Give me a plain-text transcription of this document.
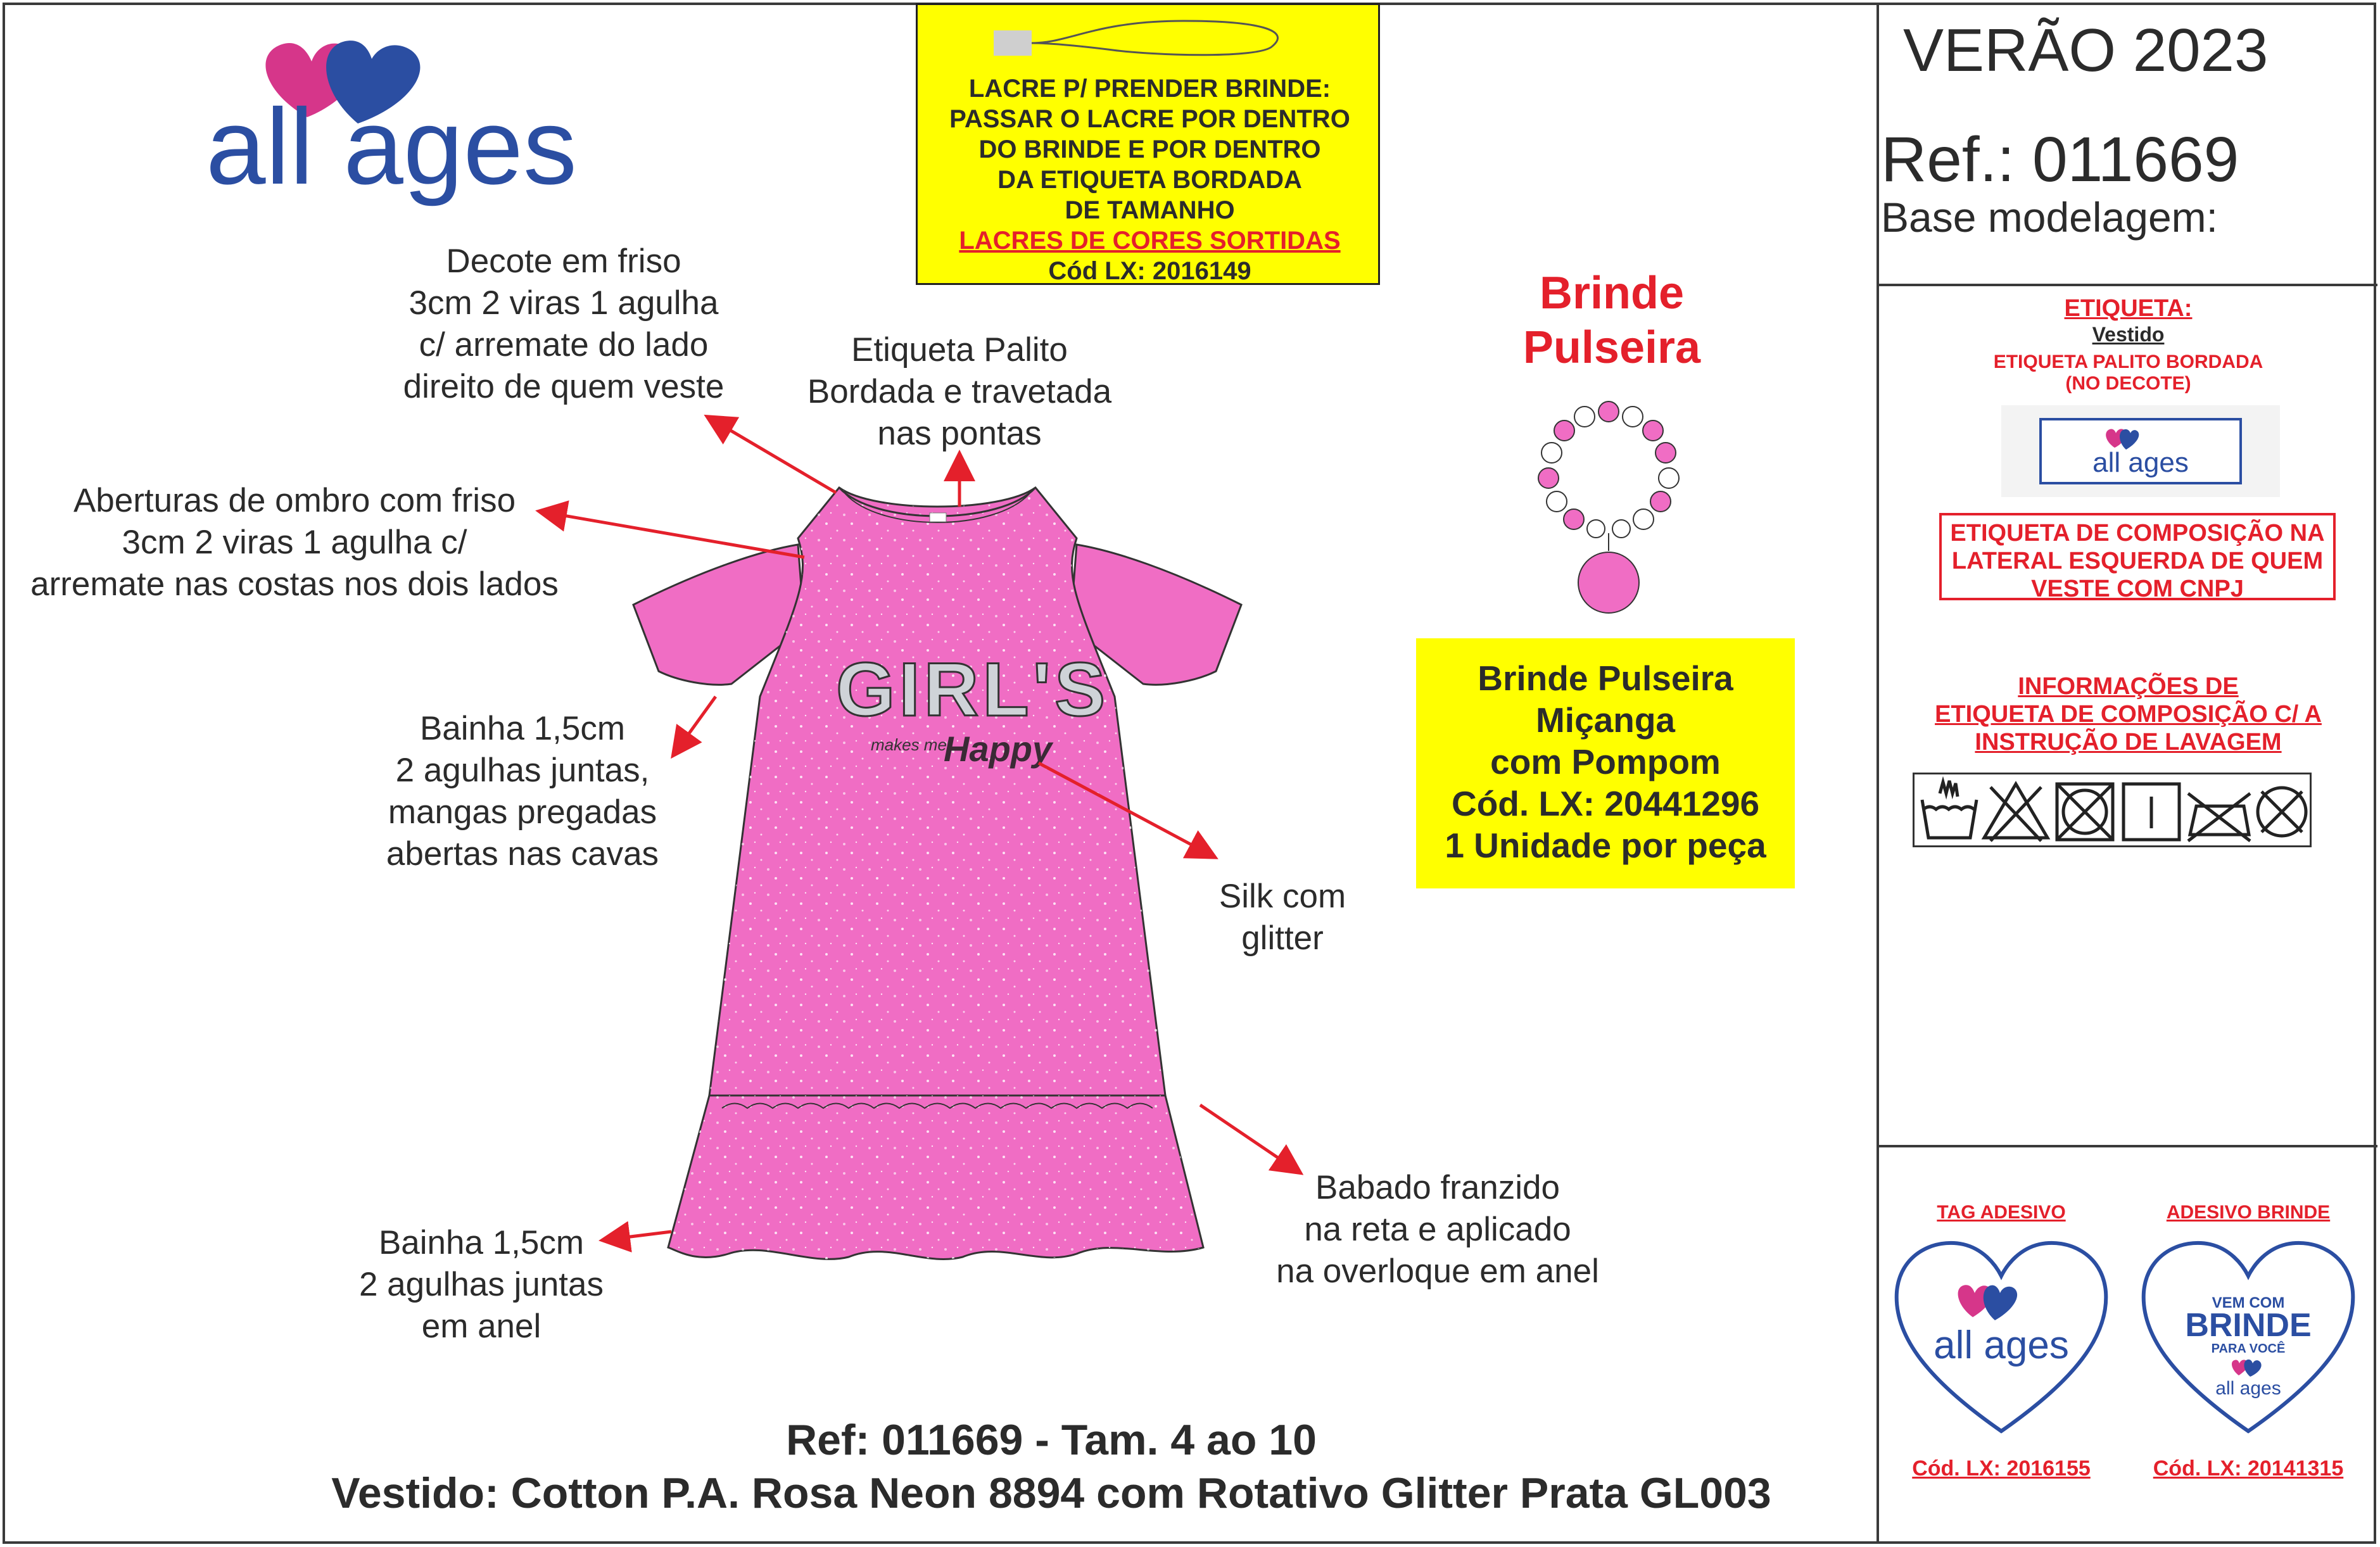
all ages	LACRE P/ PRENDER BRINDE:
PASSAR O LACRE POR DENTRO
DO BRINDE E POR DENTRO
DA ETIQUETA BORDADA
DE TAMANHO
LACRES DE CORES SORTIDAS
Cód LX: 2016149
GIRL'S
makes me
Happy
Decote em friso
3cm 2 viras 1 agulha
c/ arremate do lado
direito de quem veste
Etiqueta Palito
Bordada e travetada
nas pontas
Aberturas de ombro com friso
3cm 2 viras 1 agulha c/
arremate nas costas nos dois lados
Bainha 1,5cm
2 agulhas juntas,
mangas pregadas
abertas nas cavas
Silk com
glitter
Babado franzido
na reta e aplicado
na overloque em anel
Bainha 1,5cm
2 agulhas juntas
em anel
Brinde
Pulseira
Brinde Pulseira
Miçanga
com Pompom
Cód. LX: 20441296
1 Unidade por peça
Ref: 011669 - Tam. 4 ao 10
Vestido: Cotton P.A. Rosa Neon 8894 com Rotativo Glitter Prata GL003
VERÃO 2023
Ref.: 011669
Base modelagem:
ETIQUETA:
Vestido
ETIQUETA PALITO BORDADA
(NO DECOTE)
all ages
ETIQUETA DE COMPOSIÇÃO NA
LATERAL ESQUERDA DE QUEM
VESTE COM CNPJ
INFORMAÇÕES DE
ETIQUETA DE COMPOSIÇÃO C/ A
INSTRUÇÃO DE LAVAGEM
TAG ADESIVO
all ages
Cód. LX: 2016155
ADESIVO BRINDE
VEM COM
BRINDE
PARA VOCÊ
all ages
Cód. LX: 20141315
